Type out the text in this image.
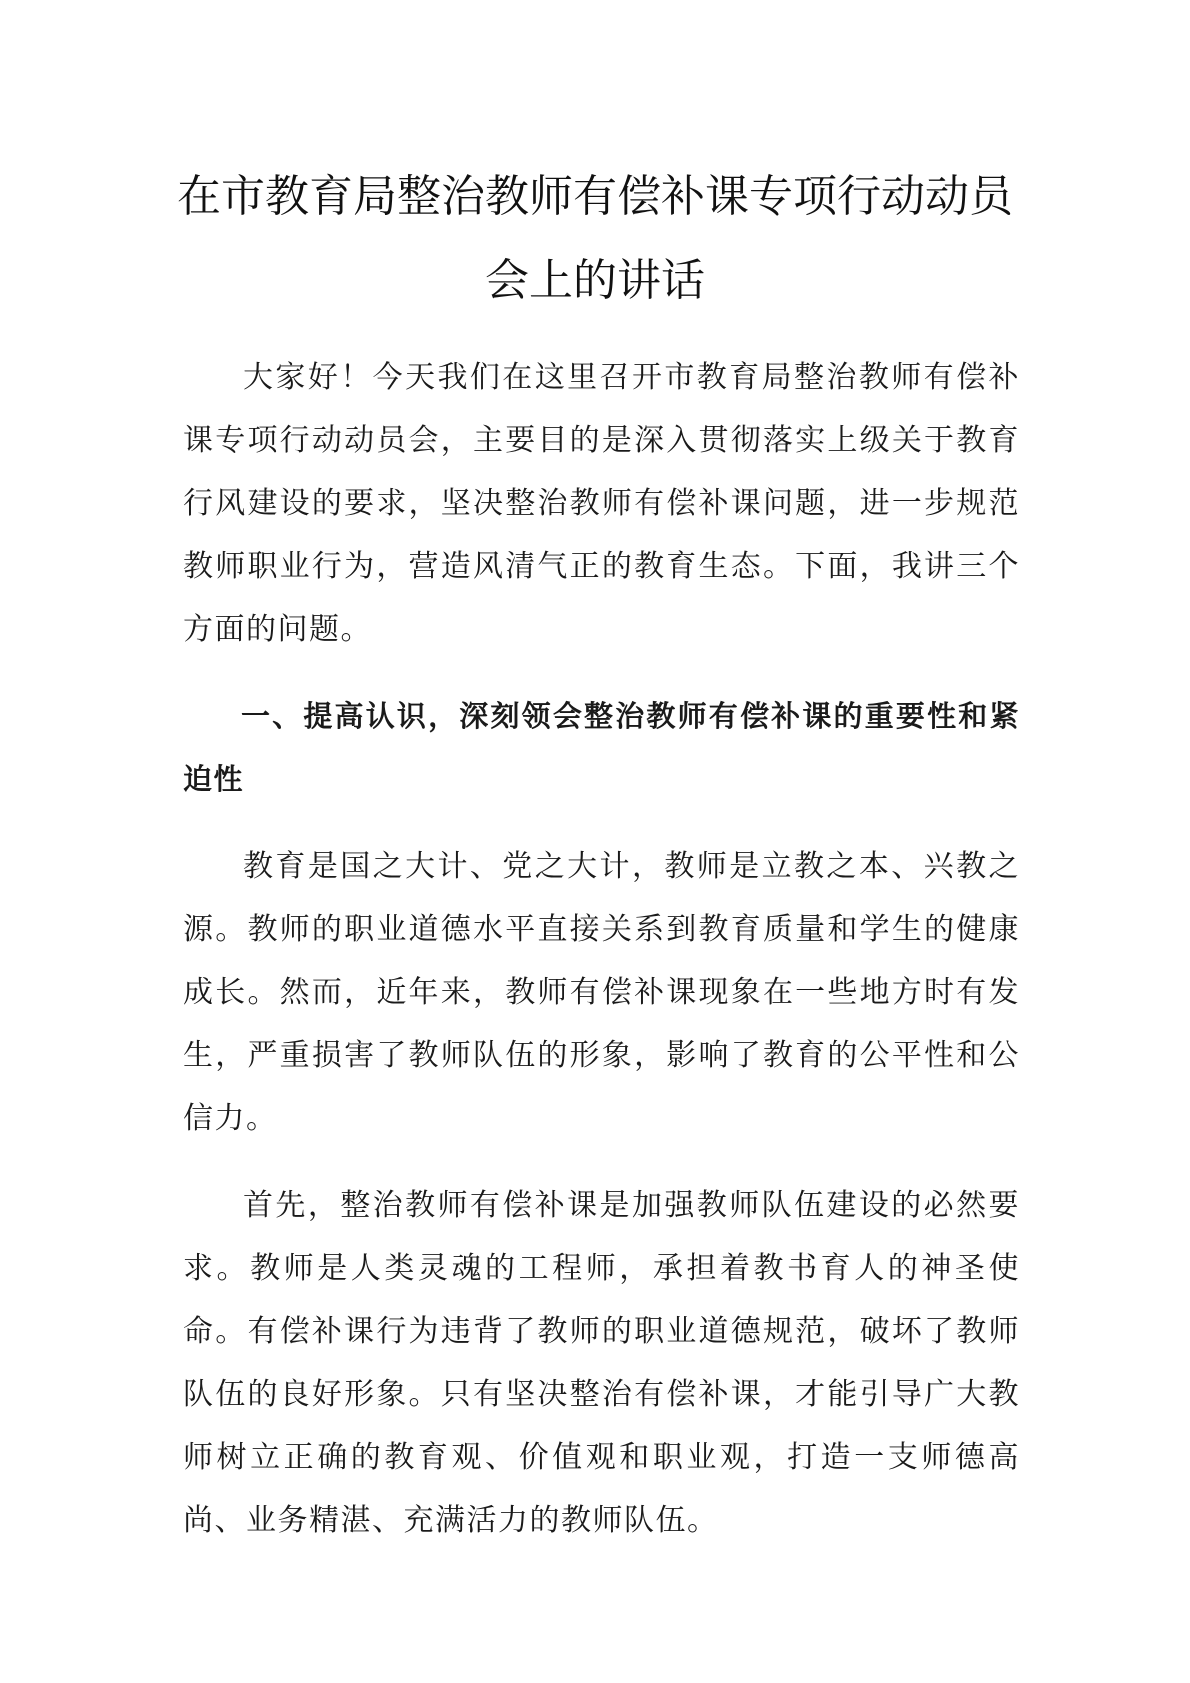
在市教育局整治教师有偿补课专项行动动员
会上的讲话

大家好！今天我们在这里召开市教育局整治教师有偿补课专项行动动员会，主要目的是深入贯彻落实上级关于教育行风建设的要求，坚决整治教师有偿补课问题，进一步规范教师职业行为，营造风清气正的教育生态。下面，我讲三个方面的问题。

一、提高认识，深刻领会整治教师有偿补课的重要性和紧迫性

教育是国之大计、党之大计，教师是立教之本、兴教之源。教师的职业道德水平直接关系到教育质量和学生的健康成长。然而，近年来，教师有偿补课现象在一些地方时有发生，严重损害了教师队伍的形象，影响了教育的公平性和公信力。

首先，整治教师有偿补课是加强教师队伍建设的必然要求。教师是人类灵魂的工程师，承担着教书育人的神圣使命。有偿补课行为违背了教师的职业道德规范，破坏了教师队伍的良好形象。只有坚决整治有偿补课，才能引导广大教师树立正确的教育观、价值观和职业观，打造一支师德高尚、业务精湛、充满活力的教师队伍。
